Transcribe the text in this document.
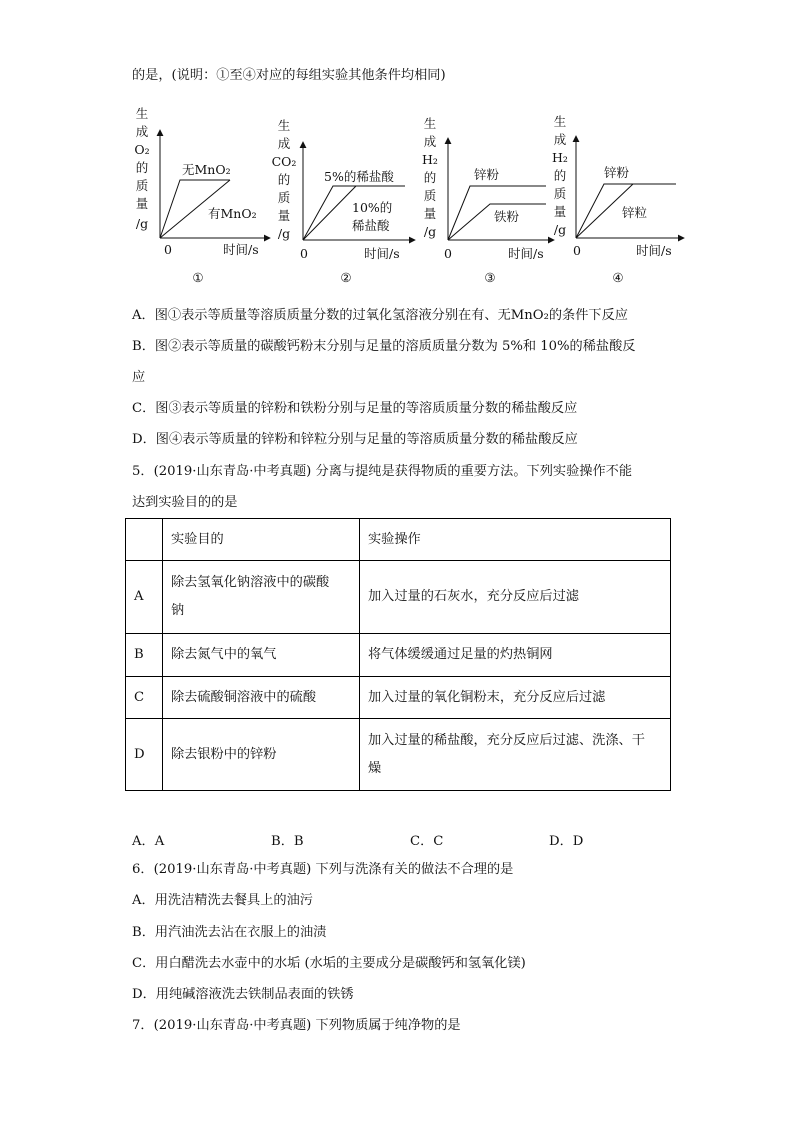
的是，(说明：①至④对应的每组实验其他条件均相同)
生
成
O₂
的
质
量
/g
无MnO₂
有MnO₂
0	时间/s
①
生
成
CO₂
的
质
量
/g
5%的稀盐酸
10%的
稀盐酸
0	时间/s
②
生
成
H₂
的
质
量
/g
锌粉
铁粉
0	时间/s
③
生
成
H₂
的
质
量
/g
锌粉
锌粒
0	时间/s
④
A．图①表示等质量等溶质质量分数的过氧化氢溶液分别在有、无MnO₂的条件下反应
B．图②表示等质量的碳酸钙粉末分别与足量的溶质质量分数为 5%和 10%的稀盐酸反
应
C．图③表示等质量的锌粉和铁粉分别与足量的等溶质质量分数的稀盐酸反应
D．图④表示等质量的锌粉和锌粒分别与足量的等溶质质量分数的稀盐酸反应
5．(2019·山东青岛·中考真题) 分离与提纯是获得物质的重要方法。下列实验操作不能
达到实验目的的是
	实验目的	实验操作
A	除去氢氧化钠溶液中的碳酸
钠	加入过量的石灰水，充分反应后过滤
B	除去氮气中的氧气	将气体缓缓通过足量的灼热铜网
C	除去硫酸铜溶液中的硫酸	加入过量的氧化铜粉末，充分反应后过滤
D	除去银粉中的锌粉	加入过量的稀盐酸，充分反应后过滤、洗涤、干
燥
A．A	B．B	C．C	D．D
6．(2019·山东青岛·中考真题) 下列与洗涤有关的做法不合理的是
A．用洗洁精洗去餐具上的油污
B．用汽油洗去沾在衣服上的油渍
C．用白醋洗去水壶中的水垢 (水垢的主要成分是碳酸钙和氢氧化镁)
D．用纯碱溶液洗去铁制品表面的铁锈
7．(2019·山东青岛·中考真题) 下列物质属于纯净物的是
